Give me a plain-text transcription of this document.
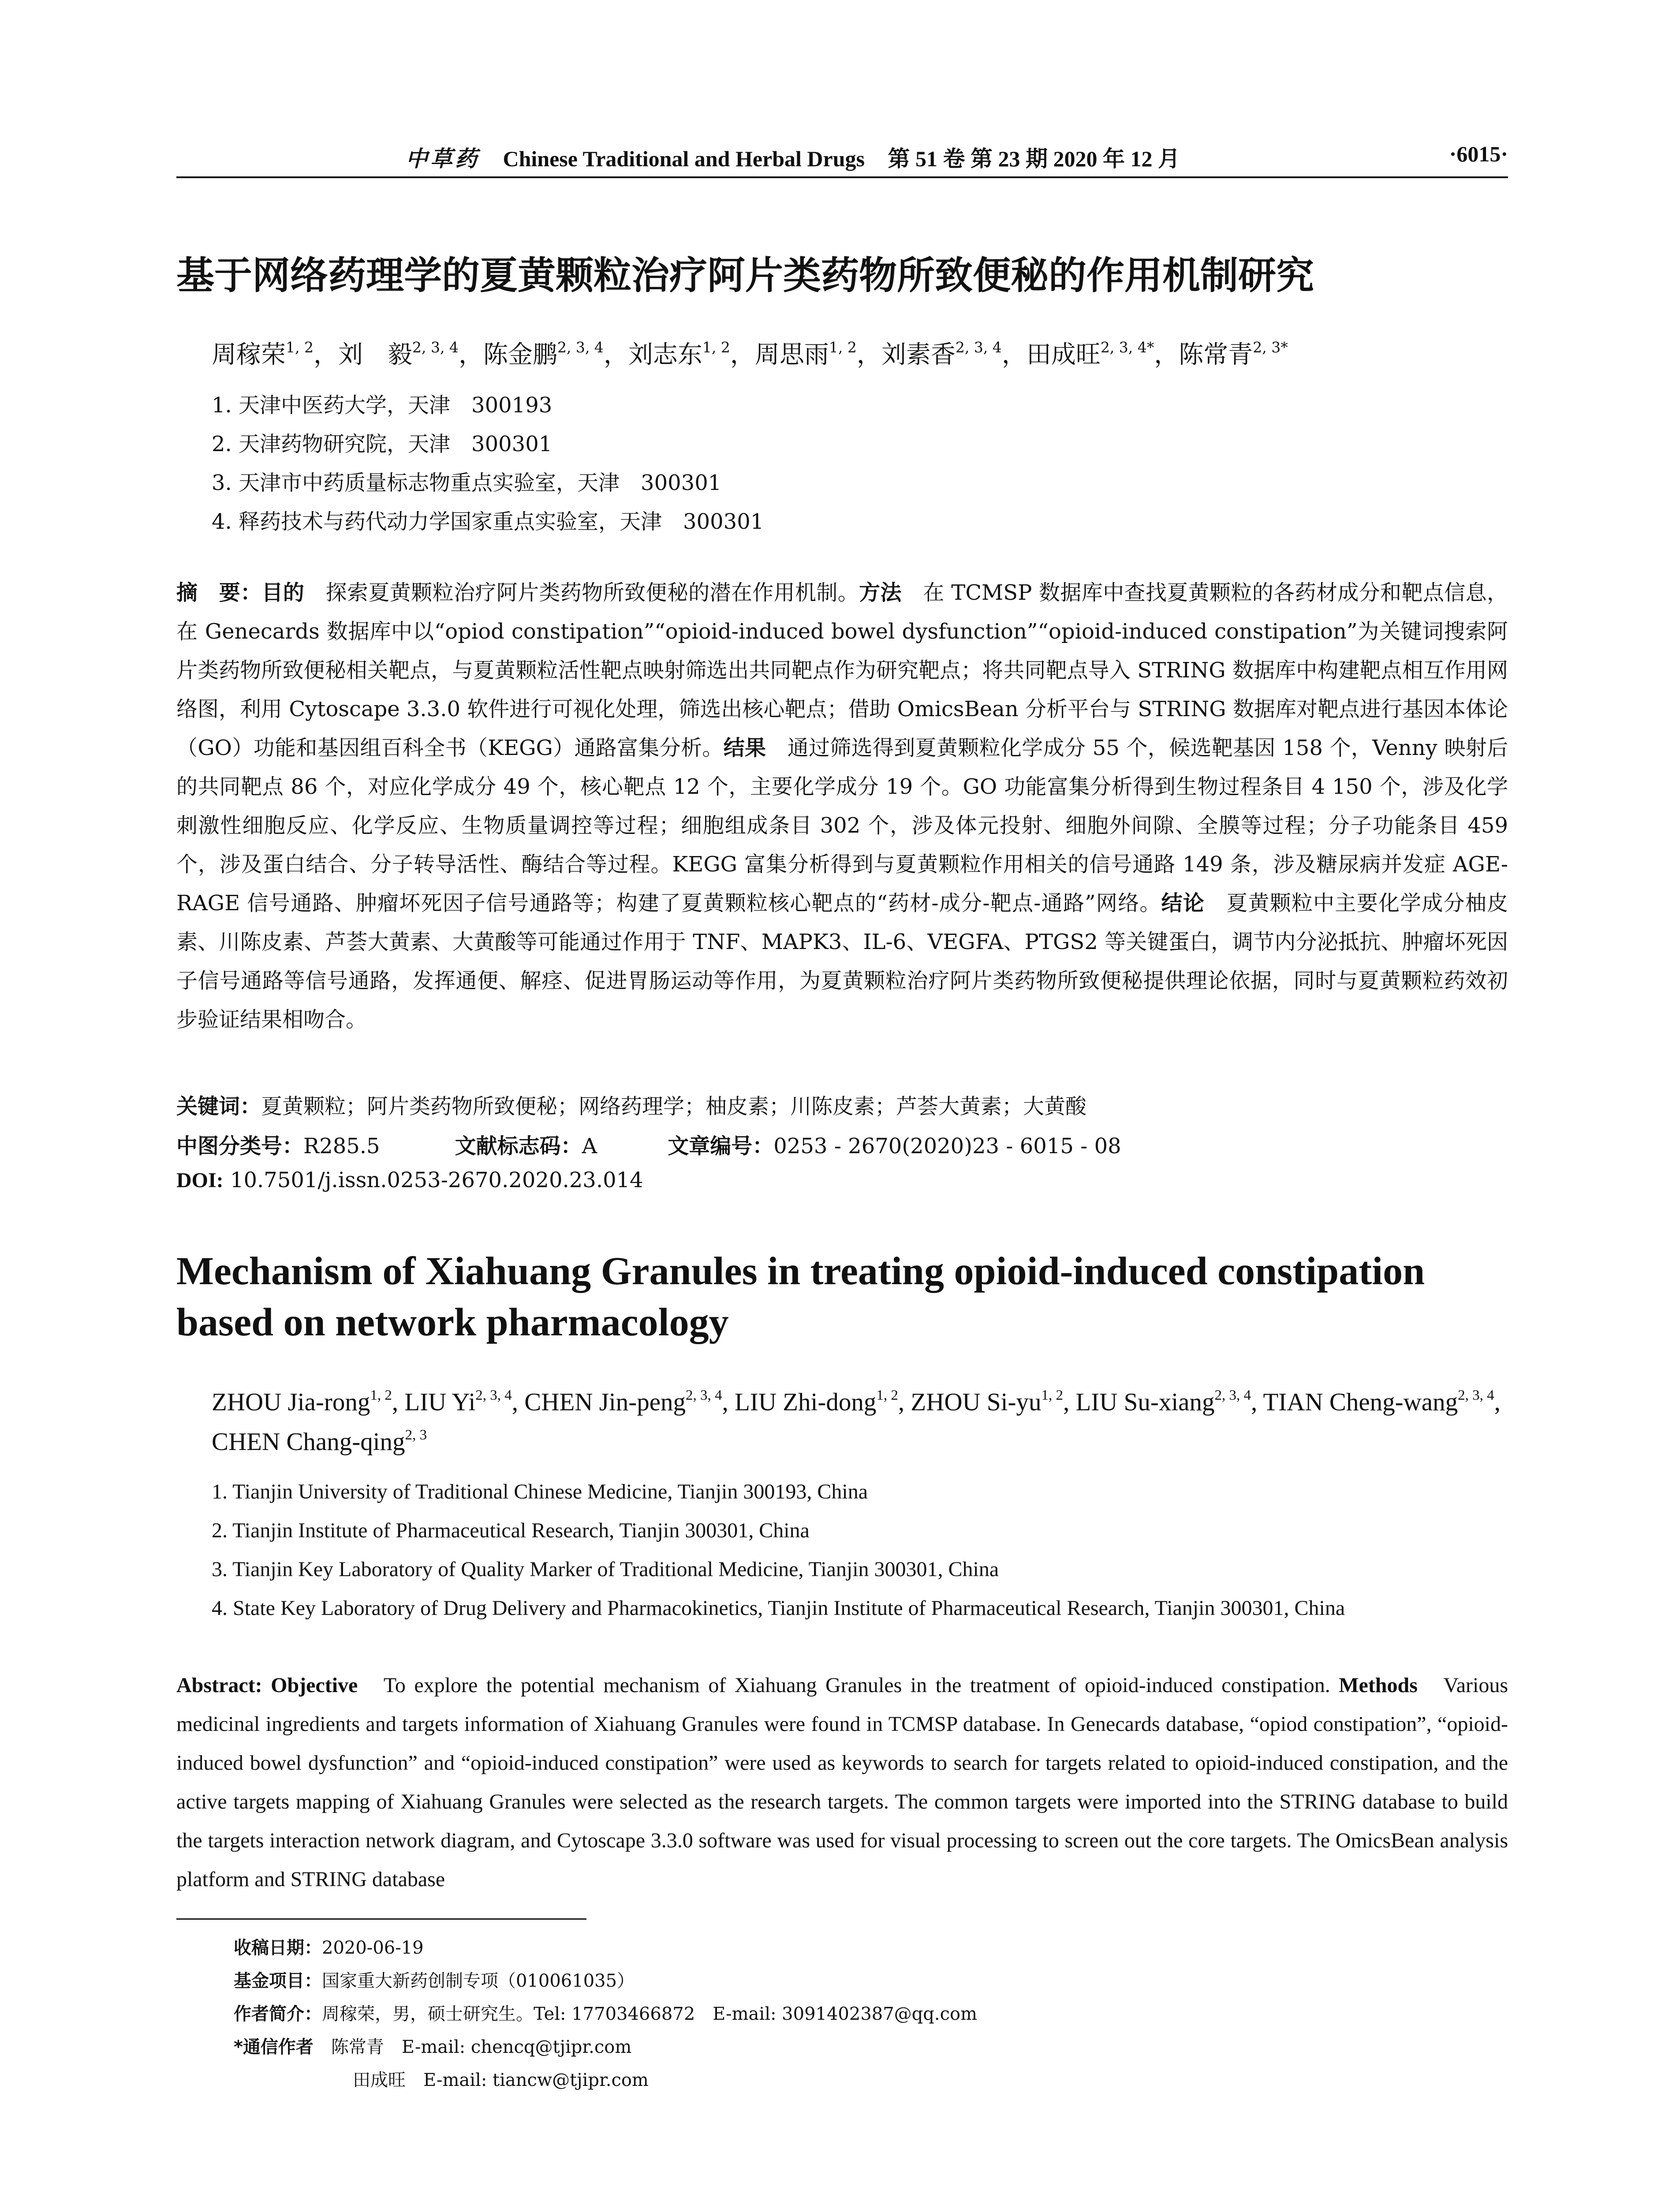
中草药 Chinese Traditional and Herbal Drugs 第 51 卷 第 23 期 2020 年 12 月	·6015·
基于网络药理学的夏黄颗粒治疗阿片类药物所致便秘的作用机制研究
周稼荣$^{1, 2}$，刘　毅$^{2, 3, 4}$，陈金鹏$^{2, 3, 4}$，刘志东$^{1, 2}$，周思雨$^{1, 2}$，刘素香$^{2, 3, 4}$，田成旺$^{2, 3, 4*}$，陈常青$^{2, 3*}$
1. 天津中医药大学，天津　300193
2. 天津药物研究院，天津　300301
3. 天津市中药质量标志物重点实验室，天津　300301
4. 释药技术与药代动力学国家重点实验室，天津　300301
摘　要：目的　 探索夏黄颗粒治疗阿片类药物所致便秘的潜在作用机制。方法　 在 TCMSP 数据库中查找夏黄颗粒的各药材成分和靶点信息，在 Genecards 数据库中以“opiod constipation”“opioid-induced bowel dysfunction”“opioid-induced constipation”为关键词搜索阿片类药物所致便秘相关靶点，与夏黄颗粒活性靶点映射筛选出共同靶点作为研究靶点；将共同靶点导入 STRING 数据库中构建靶点相互作用网络图，利用 Cytoscape 3.3.0 软件进行可视化处理，筛选出核心靶点；借助 OmicsBean 分析平台与 STRING 数据库对靶点进行基因本体论（GO）功能和基因组百科全书（KEGG）通路富集分析。结果　 通过筛选得到夏黄颗粒化学成分 55 个，候选靶基因 158 个，Venny 映射后的共同靶点 86 个，对应化学成分 49 个，核心靶点 12 个，主要化学成分 19 个。GO 功能富集分析得到生物过程条目 4 150 个，涉及化学刺激性细胞反应、化学反应、生物质量调控等过程；细胞组成条目 302 个，涉及体元投射、细胞外间隙、全膜等过程；分子功能条目 459 个，涉及蛋白结合、分子转导活性、酶结合等过程。KEGG 富集分析得到与夏黄颗粒作用相关的信号通路 149 条，涉及糖尿病并发症 AGE-RAGE 信号通路、肿瘤坏死因子信号通路等；构建了夏黄颗粒核心靶点的“药材-成分-靶点-通路”网络。结论　 夏黄颗粒中主要化学成分柚皮素、川陈皮素、芦荟大黄素、大黄酸等可能通过作用于 TNF、MAPK3、IL-6、VEGFA、PTGS2 等关键蛋白，调节内分泌抵抗、肿瘤坏死因子信号通路等信号通路，发挥通便、解痉、促进胃肠运动等作用，为夏黄颗粒治疗阿片类药物所致便秘提供理论依据，同时与夏黄颗粒药效初步验证结果相吻合。
关键词：夏黄颗粒；阿片类药物所致便秘；网络药理学；柚皮素；川陈皮素；芦荟大黄素；大黄酸
中图分类号：R285.5	文献标志码：A	文章编号：0253 - 2670(2020)23 - 6015 - 08
DOI: 10.7501/j.issn.0253-2670.2020.23.014
Mechanism of Xiahuang Granules in treating opioid-induced constipation based on network pharmacology
ZHOU Jia-rong$^{1, 2}$, LIU Yi$^{2, 3, 4}$, CHEN Jin-peng$^{2, 3, 4}$, LIU Zhi-dong$^{1, 2}$, ZHOU Si-yu$^{1, 2}$, LIU Su-xiang$^{2, 3, 4}$, TIAN Cheng-wang$^{2, 3, 4}$, CHEN Chang-qing$^{2, 3}$
1. Tianjin University of Traditional Chinese Medicine, Tianjin 300193, China
2. Tianjin Institute of Pharmaceutical Research, Tianjin 300301, China
3. Tianjin Key Laboratory of Quality Marker of Traditional Medicine, Tianjin 300301, China
4. State Key Laboratory of Drug Delivery and Pharmacokinetics, Tianjin Institute of Pharmaceutical Research, Tianjin 300301, China
Abstract: Objective To explore the potential mechanism of Xiahuang Granules in the treatment of opioid-induced constipation. Methods Various medicinal ingredients and targets information of Xiahuang Granules were found in TCMSP database. In Genecards database, “opiod constipation”, “opioid-induced bowel dysfunction” and “opioid-induced constipation” were used as keywords to search for targets related to opioid-induced constipation, and the active targets mapping of Xiahuang Granules were selected as the research targets. The common targets were imported into the STRING database to build the targets interaction network diagram, and Cytoscape 3.3.0 software was used for visual processing to screen out the core targets. The OmicsBean analysis platform and STRING database
收稿日期：2020-06-19
基金项目：国家重大新药创制专项（010061035）
作者简介：周稼荣，男，硕士研究生。Tel: 17703466872　E-mail: 3091402387@qq.com
*通信作者　 陈常青　E-mail: chencq@tjipr.com
田成旺　E-mail: tiancw@tjipr.com
